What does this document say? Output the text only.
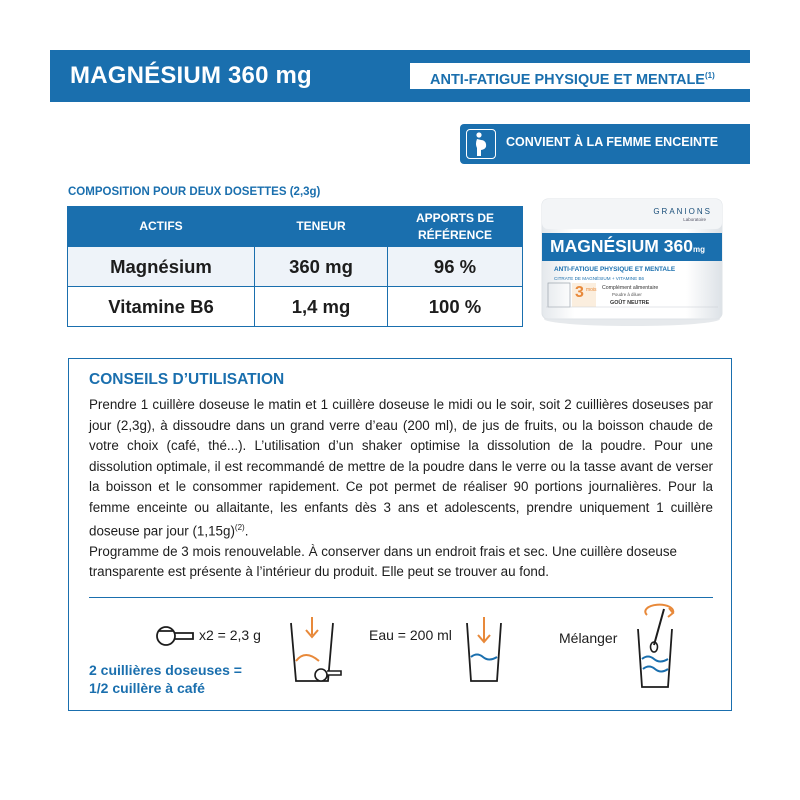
MAGNÉSIUM 360 mg	ANTI-FATIGUE PHYSIQUE ET MENTALE$^{(1)}$
CONVIENT À LA FEMME ENCEINTE
COMPOSITION POUR DEUX DOSETTES (2,3g)
ACTIFS	TENEUR	APPORTS DE
RÉFÉRENCE
Magnésium	360 mg	96 %
Vitamine B6	1,4 mg	100 %
GRANIONS
Laboratoire
MAGNÉSIUM 360mg
ANTI-FATIGUE PHYSIQUE ET MENTALE
CITRATE DE MAGNÉSIUM + VITAMINE B6
3 mois Complément alimentaire
Poudre à diluer
GOÛT NEUTRE
CONSEILS D’UTILISATION

Prendre 1 cuillère doseuse le matin et 1 cuillère doseuse le midi ou le soir, soit 2 cuillières doseuses par jour (2,3g), à dissoudre dans un grand verre d’eau (200 ml), de jus de fruits, ou la boisson chaude de votre choix (café, thé...). L’utilisation d’un shaker optimise la dissolution de la poudre. Pour une dissolution optimale, il est recommandé de mettre de la poudre dans le verre ou la tasse avant de verser la boisson et le consommer rapidement. Ce pot permet de réaliser 90 portions journalières. Pour la femme enceinte ou allaitante, les enfants dès 3 ans et adolescents, prendre uniquement 1 cuillère doseuse par jour $(1,15g)^{(2)}$.

Programme de 3 mois renouvelable. À conserver dans un endroit frais et sec. Une cuillère doseuse transparente est présente à l’intérieur du produit. Elle peut se trouver au fond.

x2 = 2,3 g	Eau = 200 ml	Mélanger
2 cuillières doseuses =
1/2 cuillère à café
